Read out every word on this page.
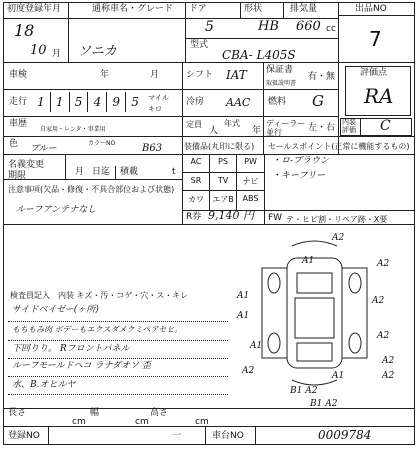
初度登録年月
18
10 月
通称車名・グレード
ソニカ
ドア
5
形状
HB
排気量
660 cc
型式
CBA- L405S
出品NO
7
車検	年	月	シフト IAT 保証書
取扱説明書
有・無	評価点
RA
走行 1 1 5 4 9 5	マイル
キロ
冷房 AAC 燃料 G
車歴
自家用・レンタ・事業用
定員
人
年式
年
ディーラー並行	左・右
内装評価 C
色 ブルー
カラーNO	B63
名義変更
期限	月 日迄 積載	t
注意事項(欠品・修復・不具合部位および状態)
ルーフアンテナなし
装備品(丸印に限る)
AC	PS	PW
SR	TV	ナビ
カワ	エアB	ABS
R券 9,140 円 FW テ・ヒビ割・リペア跡・X要
セールスポイント(正常に機能するもの)
・ロ-ブラウン
・キーフリー
検査員記入 内装 キズ・汚・コゲ・穴・ス・キレ
サイドベイゼー(ヶ所)
もちもみ肉 ボデーもエクスダメクミペアセヒ。
下回りり。 Rフロントパネル
ルーフモールドヘコ ラナダオソ 歪
水、B.オヒルヤ
A2
A2
A1
A1
A1
A2
A2
A2
A2
A1
B1 A2
B1 A2
A1
A2
長さ
cm
幅
cm
高さ
cm
登録NO	一	車台NO	0009784
